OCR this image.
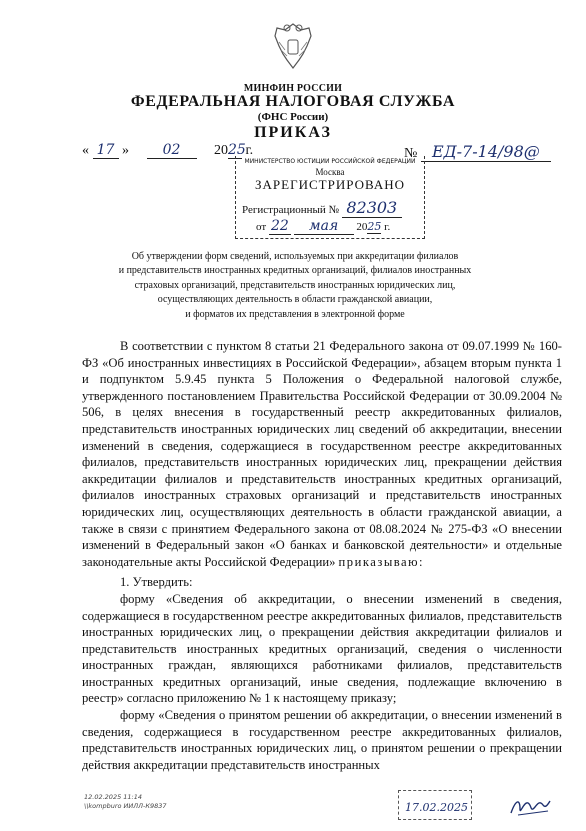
МИНФИН РОССИИ
ФЕДЕРАЛЬНАЯ НАЛОГОВАЯ СЛУЖБА
(ФНС России)
ПРИКАЗ
« 17 » 02 2025 г.	№ ЕД-7-14/98@
МИНИСТЕРСТВО ЮСТИЦИИ РОССИЙСКОЙ ФЕДЕРАЦИИ
Москва
ЗАРЕГИСТРИРОВАНО
Регистрационный № 82303
от 22 мая 2025 г.
Об утверждении форм сведений, используемых при аккредитации филиалов
и представительств иностранных кредитных организаций, филиалов иностранных
страховых организаций, представительств иностранных юридических лиц,
осуществляющих деятельность в области гражданской авиации,
и форматов их представления в электронной форме

В соответствии с пунктом 8 статьи 21 Федерального закона от 09.07.1999 № 160-ФЗ «Об иностранных инвестициях в Российской Федерации», абзацем вторым пункта 1 и подпунктом 5.9.45 пункта 5 Положения о Федеральной налоговой службе, утвержденного постановлением Правительства Российской Федерации от 30.09.2004 № 506, в целях внесения в государственный реестр аккредитованных филиалов, представительств иностранных юридических лиц сведений об аккредитации, внесении изменений в сведения, содержащиеся в государственном реестре аккредитованных филиалов, представительств иностранных юридических лиц, прекращении действия аккредитации филиалов и представительств иностранных кредитных организаций, филиалов иностранных страховых организаций и представительств иностранных юридических лиц, осуществляющих деятельность в области гражданской авиации, а также в связи с принятием Федерального закона от 08.08.2024 № 275-ФЗ «О внесении изменений в Федеральный закон «О банках и банковской деятельности» и отдельные законодательные акты Российской Федерации» приказываю:

1. Утвердить:

форму «Сведения об аккредитации, о внесении изменений в сведения, содержащиеся в государственном реестре аккредитованных филиалов, представительств иностранных юридических лиц, о прекращении действия аккредитации филиалов и представительств иностранных кредитных организаций, сведения о численности иностранных граждан, являющихся работниками филиалов, представительств иностранных кредитных организаций, иные сведения, подлежащие включению в реестр» согласно приложению № 1 к настоящему приказу;

форму «Сведения о принятом решении об аккредитации, о внесении изменений в сведения, содержащиеся в государственном реестре аккредитованных филиалов, представительств иностранных юридических лиц, о принятом решении о прекращении действия аккредитации представительств иностранных

12.02.2025 11:14
\\kompburo ИИЛЛ-К9837	17.02.2025
